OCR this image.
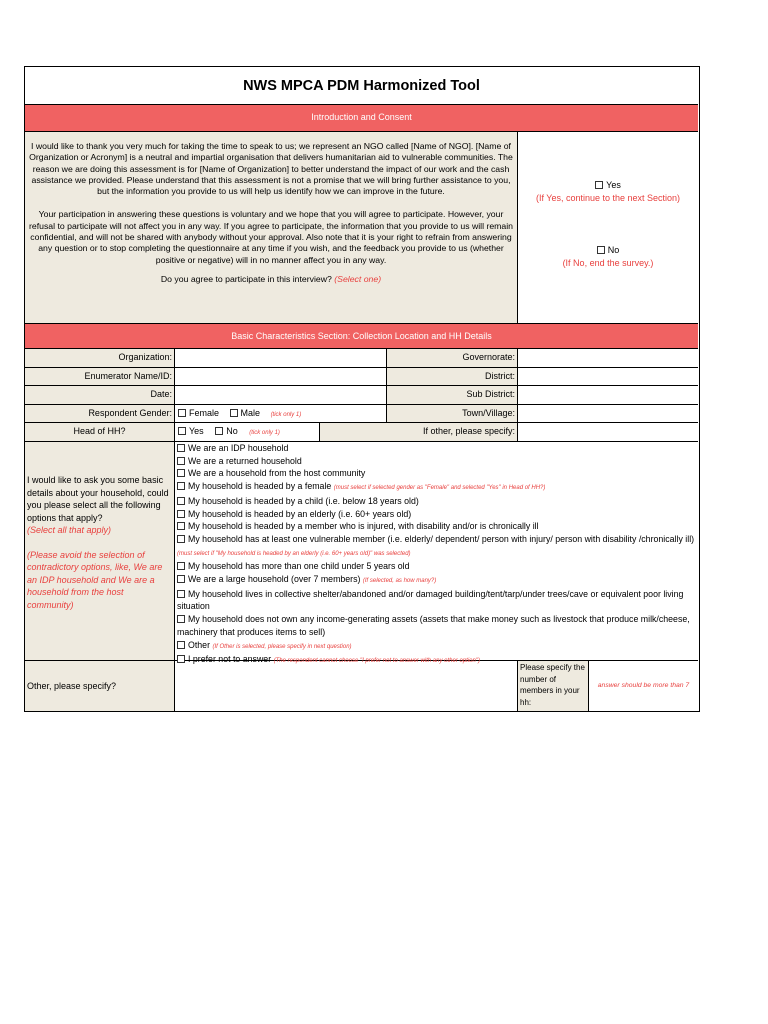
NWS MPCA PDM Harmonized Tool
Introduction and Consent

I would like to thank you very much for taking the time to speak to us; we represent an NGO called [Name of NGO]. [Name of Organization or Acronym] is a neutral and impartial organisation that delivers humanitarian aid to vulnerable communities. The reason we are doing this assessment is for [Name of Organization] to better understand the impact of our work and the cash assistance we provided. Please understand that this assessment is not a promise that we will bring further assistance to you, but the information you provide to us will help us identify how we can improve in the future.

Your participation in answering these questions is voluntary and we hope that you will agree to participate. However, your refusal to participate will not affect you in any way. If you agree to participate, the information that you provide to us will remain confidential, and will not be shared with anybody without your approval. Also note that it is your right to refrain from answering any question or to stop completing the questionnaire at any time if you wish, and the feedback you provide to us (whether positive or negative) will in no manner affect you in any way.

Do you agree to participate in this interview? (Select one)

Yes
(If Yes, continue to the next Section)
No
(If No, end the survey.)
Basic Characteristics Section: Collection Location and HH Details
Organization:
Enumerator Name/ID:
Date:
Respondent Gender:
Head of HH?
Female Male (tick only 1)
Yes	No (tick only 1)
Governorate:
District:
Sub District:
Town/Village:
If other, please specify:
I would like to ask you some basic details about your household, could you please select all the following options that apply?
(Select all that apply)
(Please avoid the selection of contradictory options, like, We are an IDP household and We are a household from the host community)
We are an IDP household
We are a returned household
We are a household from the host community
My household is headed by a female (must select if selected gender as "Female" and selected "Yes" in Head of HH?)
My household is headed by a child (i.e. below 18 years old)
My household is headed by an elderly (i.e. 60+ years old)
My household is headed by a member who is injured, with disability and/or is chronically ill
My household has at least one vulnerable member (i.e. elderly/ dependent/ person with injury/ person with disability /chronically ill) (must select if "My household is headed by an elderly (i.e. 60+ years old)" was selected)
My household has more than one child under 5 years old
We are a large household (over 7 members) (If selected, as how many?)
My household lives in collective shelter/abandoned and/or damaged building/tent/tarp/under trees/cave or equivalent poor living situation
My household does not own any income-generating assets (assets that make money such as livestock that produce milk/cheese, machinery that produces items to sell)
Other (If Other is selected, please specify in next question)
I prefer not to answer (The respondent cannot choose "I prefer not to answer with any other option")
Other, please specify?
Please specify the number of members in your hh:
answer should be more than 7
